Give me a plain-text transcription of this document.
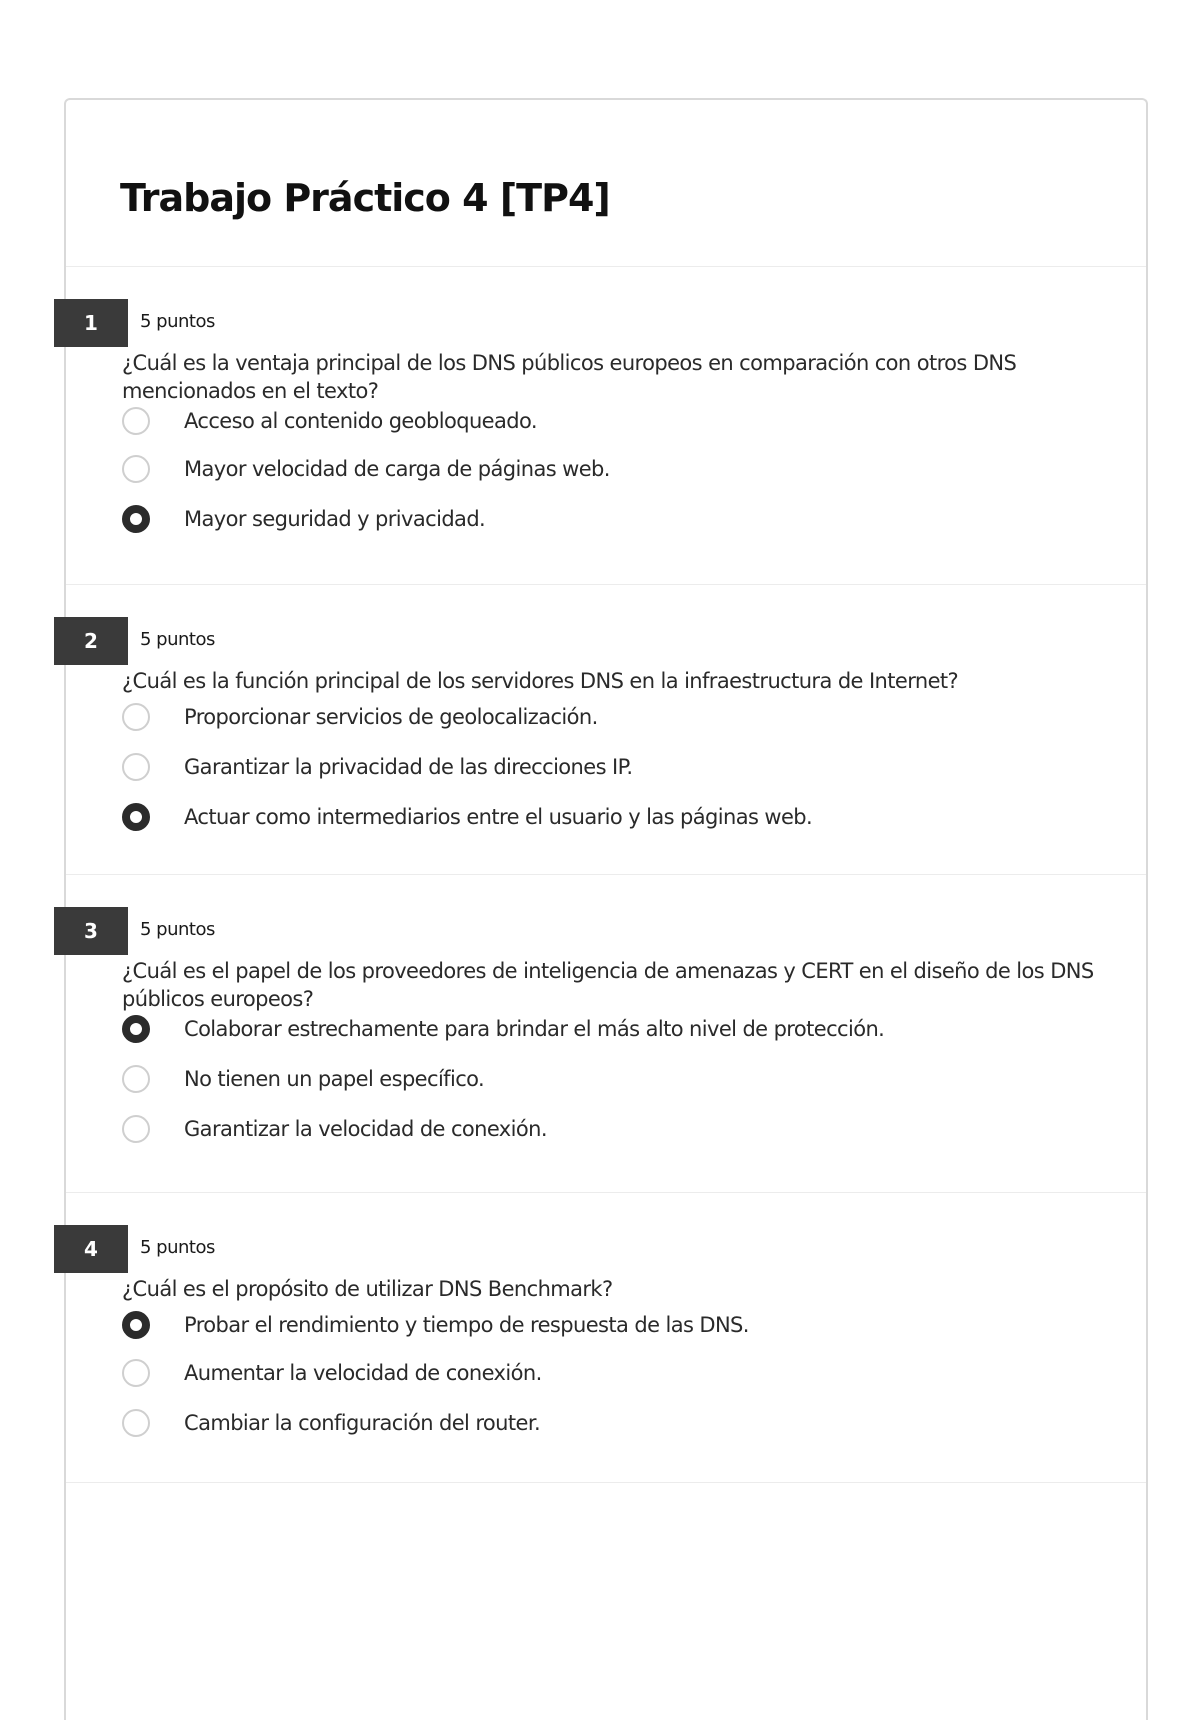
Trabajo Práctico 4 [TP4]
1	5 puntos
¿Cuál es la ventaja principal de los DNS públicos europeos en comparación con otros DNS mencionados en el texto?
Acceso al contenido geobloqueado.
Mayor velocidad de carga de páginas web.
Mayor seguridad y privacidad.
2	5 puntos
¿Cuál es la función principal de los servidores DNS en la infraestructura de Internet?
Proporcionar servicios de geolocalización.
Garantizar la privacidad de las direcciones IP.
Actuar como intermediarios entre el usuario y las páginas web.
3	5 puntos
¿Cuál es el papel de los proveedores de inteligencia de amenazas y CERT en el diseño de los DNS públicos europeos?
Colaborar estrechamente para brindar el más alto nivel de protección.
No tienen un papel específico.
Garantizar la velocidad de conexión.
4	5 puntos
¿Cuál es el propósito de utilizar DNS Benchmark?
Probar el rendimiento y tiempo de respuesta de las DNS.
Aumentar la velocidad de conexión.
Cambiar la configuración del router.
